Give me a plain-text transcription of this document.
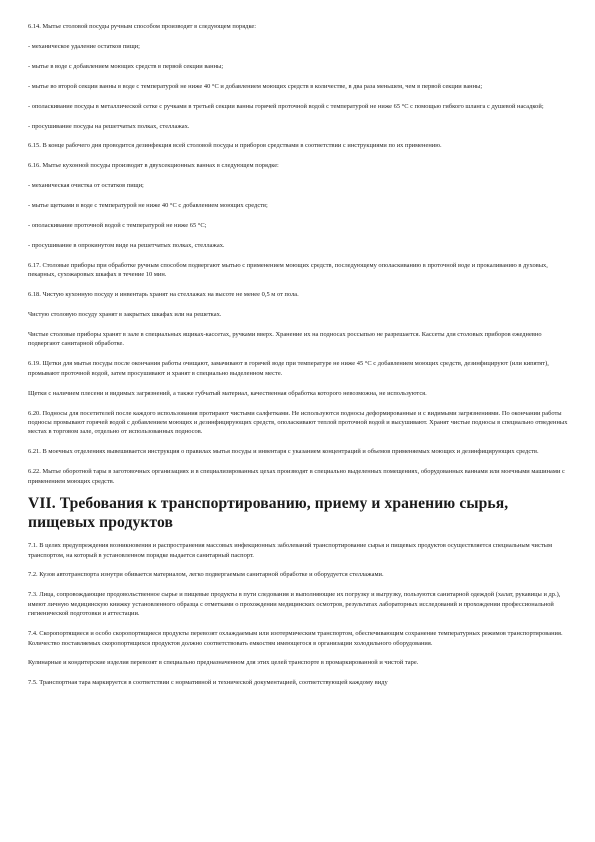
6.14. Мытье столовой посуды ручным способом производят в следующем порядке:

- механическое удаление остатков пищи;

- мытье в воде с добавлением моющих средств в первой секции ванны;

- мытье во второй секции ванны в воде с температурой не ниже 40 °С и добавлением моющих средств в количестве, в два раза меньшем, чем в первой секции ванны;

- ополаскивание посуды в металлической сетке с ручками в третьей секции ванны горячей проточной водой с температурой не ниже 65 °С с помощью гибкого шланга с душевой насадкой;

- просушивание посуды на решетчатых полках, стеллажах.

6.15. В конце рабочего дня проводится дезинфекция всей столовой посуды и приборов средствами в соответствии с инструкциями по их применению.

6.16. Мытье кухонной посуды производят в двухсекционных ваннах в следующем порядке:

- механическая очистка от остатков пищи;

- мытье щетками в воде с температурой не ниже 40 °С с добавлением моющих средств;

- ополаскивание проточной водой с температурой не ниже 65 °С;

- просушивание в опрокинутом виде на решетчатых полках, стеллажах.

6.17. Столовые приборы при обработке ручным способом подвергают мытью с применением моющих средств, последующему ополаскиванию в проточной воде и прокаливанию в духовых, пекарных, сухожаровых шкафах в течение 10 мин.

6.18. Чистую кухонную посуду и инвентарь хранят на стеллажах на высоте не менее 0,5 м от пола.

Чистую столовую посуду хранят в закрытых шкафах или на решетках.

Чистые столовые приборы хранят в зале в специальных ящиках-кассетах, ручками вверх. Хранение их на подносах россыпью не разрешается. Кассеты для столовых приборов ежедневно подвергают санитарной обработке.

6.19. Щетки для мытья посуды после окончания работы очищают, замачивают в горячей воде при температуре не ниже 45 °С с добавлением моющих средств, дезинфицируют (или кипятят), промывают проточной водой, затем просушивают и хранят в специально выделенном месте.

Щетки с наличием плесени и видимых загрязнений, а также губчатый материал, качественная обработка которого невозможна, не используются.

6.20. Подносы для посетителей после каждого использования протирают чистыми салфетками. Не используются подносы деформированные и с видимыми загрязнениями. По окончании работы подносы промывают горячей водой с добавлением моющих и дезинфицирующих средств, ополаскивают теплой проточной водой и высушивают. Хранят чистые подносы в специально отведенных местах в торговом зале, отдельно от использованных подносов.

6.21. В моечных отделениях вывешивается инструкция о правилах мытья посуды и инвентаря с указанием концентраций и объемов применяемых моющих и дезинфицирующих средств.

6.22. Мытье оборотной тары в заготовочных организациях и в специализированных цехах производят в специально выделенных помещениях, оборудованных ваннами или моечными машинами с применением моющих средств.

VII. Требования к транспортированию, приему и хранению сырья, пищевых продуктов

7.1. В целях предупреждения возникновения и распространения массовых инфекционных заболеваний транспортирование сырья и пищевых продуктов осуществляется специальным чистым транспортом, на который в установленном порядке выдается санитарный паспорт.

7.2. Кузов автотранспорта изнутри обивается материалом, легко подвергаемым санитарной обработке и оборудуется стеллажами.

7.3. Лица, сопровождающие продовольственное сырье и пищевые продукты в пути следования и выполняющие их погрузку и выгрузку, пользуются санитарной одеждой (халат, рукавицы и др.), имеют личную медицинскую книжку установленного образца с отметками о прохождении медицинских осмотров, результатах лабораторных исследований и прохождении профессиональной гигиенической подготовки и аттестации.

7.4. Скоропортящиеся и особо скоропортящиеся продукты перевозят охлаждаемым или изотермическим транспортом, обеспечивающим сохранение температурных режимов транспортирования. Количество поставляемых скоропортящихся продуктов должно соответствовать емкостям имеющегося в организации холодильного оборудования.

Кулинарные и кондитерские изделия перевозят в специально предназначенном для этих целей транспорте в промаркированной и чистой таре.

7.5. Транспортная тара маркируется в соответствии с нормативной и технической документацией, соответствующей каждому виду
